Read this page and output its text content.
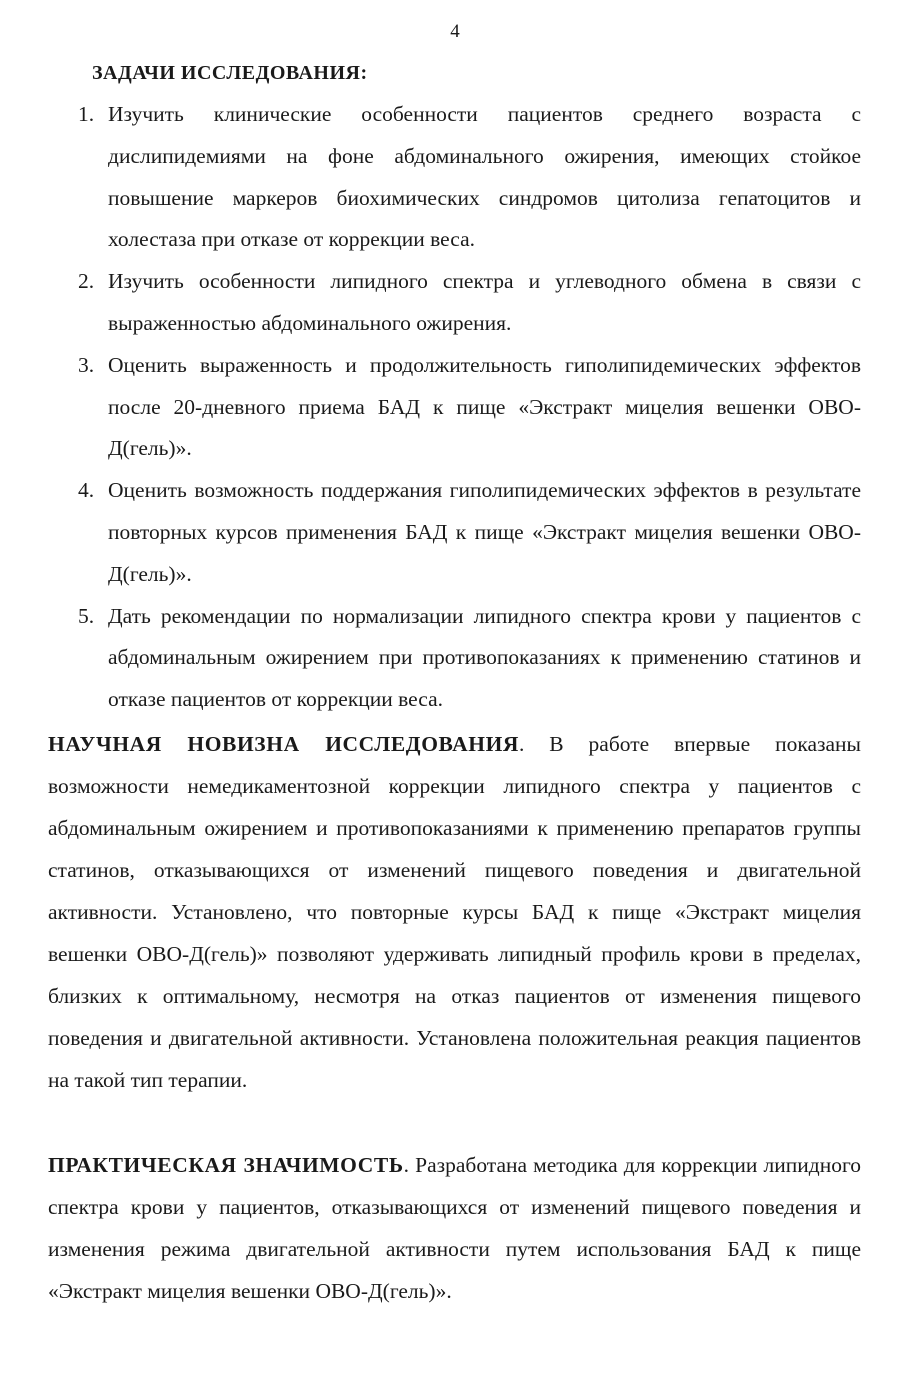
4
ЗАДАЧИ ИССЛЕДОВАНИЯ:
1. Изучить клинические особенности пациентов среднего возраста с дислипидемиями на фоне абдоминального ожирения, имеющих стойкое повышение маркеров биохимических синдромов цитолиза гепатоцитов и холестаза при отказе от коррекции веса.
2. Изучить особенности липидного спектра и углеводного обмена в связи с выраженностью абдоминального ожирения.
3. Оценить выраженность и продолжительность гиполипидемических эффектов после 20-дневного приема БАД к пище «Экстракт мицелия вешенки ОВО-Д(гель)».
4. Оценить возможность поддержания гиполипидемических эффектов в результате повторных курсов применения БАД к пище «Экстракт мицелия вешенки ОВО-Д(гель)».
5. Дать рекомендации по нормализации липидного спектра крови у пациентов с абдоминальным ожирением при противопоказаниях к применению статинов и отказе пациентов от коррекции веса.

НАУЧНАЯ НОВИЗНА ИССЛЕДОВАНИЯ. В работе впервые показаны возможности немедикаментозной коррекции липидного спектра у пациентов с абдоминальным ожирением и противопоказаниями к применению препаратов группы статинов, отказывающихся от изменений пищевого поведения и двигательной активности. Установлено, что повторные курсы БАД к пище «Экстракт мицелия вешенки ОВО-Д(гель)» позволяют удерживать липидный профиль крови в пределах, близких к оптимальному, несмотря на отказ пациентов от изменения пищевого поведения и двигательной активности. Установлена положительная реакция пациентов на такой тип терапии.

ПРАКТИЧЕСКАЯ ЗНАЧИМОСТЬ. Разработана методика для коррекции липидного спектра крови у пациентов, отказывающихся от изменений пищевого поведения и изменения режима двигательной активности путем использования БАД к пище «Экстракт мицелия вешенки ОВО-Д(гель)».
